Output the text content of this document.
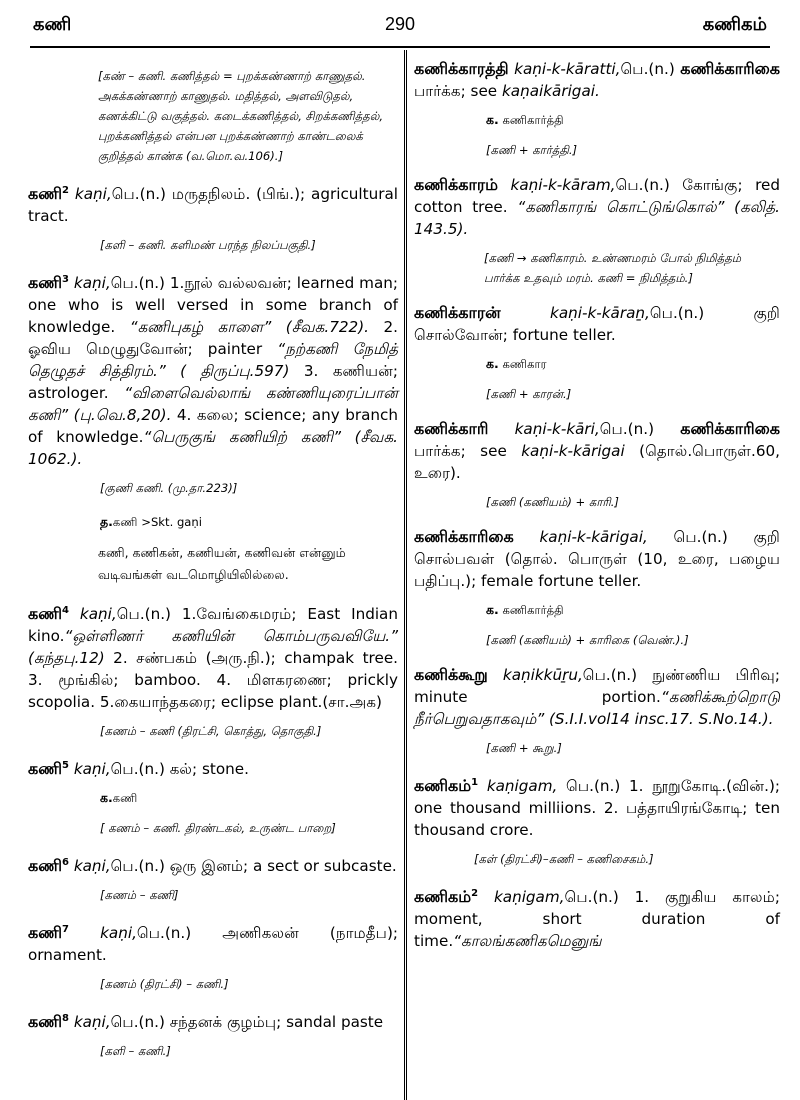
கணி	290	கணிகம்
[கண் – கணி. கணித்தல் = புறக்கண்ணாற் காணுதல். அகக்கண்ணாற் காணுதல். மதித்தல், அளவிடுதல், கணக்கிட்டு வகுத்தல். கடைக்கணித்தல், சிறக்கணித்தல், புறக்கணித்தல் என்பன புறக்கண்ணாற் காண்டலைக் குறித்தல் காண்க (வ.மொ.வ.106).]
கணி$^2$ kaṇi,பெ.(n.) மருதநிலம். (பிங்.); agricultural tract.
[களி – கணி. களிமண் பரந்த நிலப்பகுதி.]
கணி$^3$ kaṇi,பெ.(n.) 1.நூல் வல்லவன்; learned man; one who is well versed in some branch of knowledge. “கணிபுகழ் காளை” (சீவக.722). 2. ஓவிய மெழுதுவோன்; painter “நற்கணி நேமித் தெழுதச் சித்திரம்.” ( திருப்பு.597) 3. கணியன்; astrologer. “விளைவெல்லாங் கண்ணியுரைப்பான் கணி” (பு.வெ.8,20). 4. கலை; science; any branch of knowledge.“பெருகுங் கணியிற் கணி” (சீவக. 1062.).
[குணி கணி. (மு.தா.223)]
த.கணி >Skt. gaṇi
கணி, கணிகன், கணியன், கணிவன் என்னும் வடிவங்கள் வடமொழியிலில்லை.
கணி$^4$ kaṇi,பெ.(n.) 1.வேங்கைமரம்; East Indian kino.“ஒள்ளிணர் கணியின் கொம்பருவவியே.” (கந்தபு.12) 2. சண்பகம் (அரு.நி.); champak tree. 3. மூங்கில்; bamboo. 4. மிளகரணை; prickly scopolia. 5.கையாந்தகரை; eclipse plant.(சா.அக)
[கணம் – கணி (திரட்சி, கொத்து, தொகுதி.]
கணி$^5$ kaṇi,பெ.(n.) கல்; stone.
க.கணி
[ கணம் – கணி. திரண்டகல், உருண்ட பாறை]
கணி$^6$ kaṇi,பெ.(n.) ஒரு இனம்; a sect or subcaste.
[கணம் – கணி]
கணி$^7$ kaṇi,பெ.(n.) அணிகலன் (நாமதீப); ornament.
[கணம் (திரட்சி) – கணி.]
கணி$^8$ kaṇi,பெ.(n.) சந்தனக் குழம்பு; sandal paste
[களி – கணி.]
கணிக்காரத்தி kaṇi-k-kāratti,பெ.(n.) கணிக்காரிகை பார்க்க; see kaṇaikārigai.
க. கணிகார்த்தி
[கணி + கார்த்தி.]
கணிக்காரம் kaṇi-k-kāram,பெ.(n.) கோங்கு; red cotton tree. “கணிகாரங் கொட்டுங்கொல்” (கலித். 143.5).
[கணி → கணிகாரம். உண்ணமரம் போல் நிமித்தம் பார்க்க உதவும் மரம். கணி = நிமித்தம்.]
கணிக்காரன்	kaṇi-k-kāraṉ,பெ.(n.) குறி சொல்வோன்; fortune teller.
க. கணிகார
[கணி + காரன்.]
கணிக்காரி kaṇi-k-kāri,பெ.(n.) கணிக்காரிகை பார்க்க; see kaṇi-k-kārigai (தொல்.பொருள்.60, உரை).
[கணி (கணியம்) + காரி.]
கணிக்காரிகை kaṇi-k-kārigai, பெ.(n.) குறி சொல்பவள் (தொல். பொருள் (10, உரை, பழைய பதிப்பு.); female fortune teller.
க. கணிகார்த்தி
[கணி (கணியம்) + காரிகை (வெண்.).]
கணிக்கூறு kaṇikkūṟu,பெ.(n.) நுண்ணிய பிரிவு; minute portion.“கணிக்கூற்றொடு நீர்பெறுவதாகவும்” (S.I.I.vol14 insc.17. S.No.14.).
[கணி + கூறு.]
கணிகம்$^1$ kaṇigam, பெ.(n.) 1. நூறுகோடி.(வின்.); one thousand milliions. 2. பத்தாயிரங்கோடி; ten thousand crore.
[கள் (திரட்சி)–கணி – கணிசைகம்.]
கணிகம்$^2$ kaṇigam,பெ.(n.) 1. குறுகிய காலம்; moment, short duration of time.“காலங்கணிகமெனுங்
